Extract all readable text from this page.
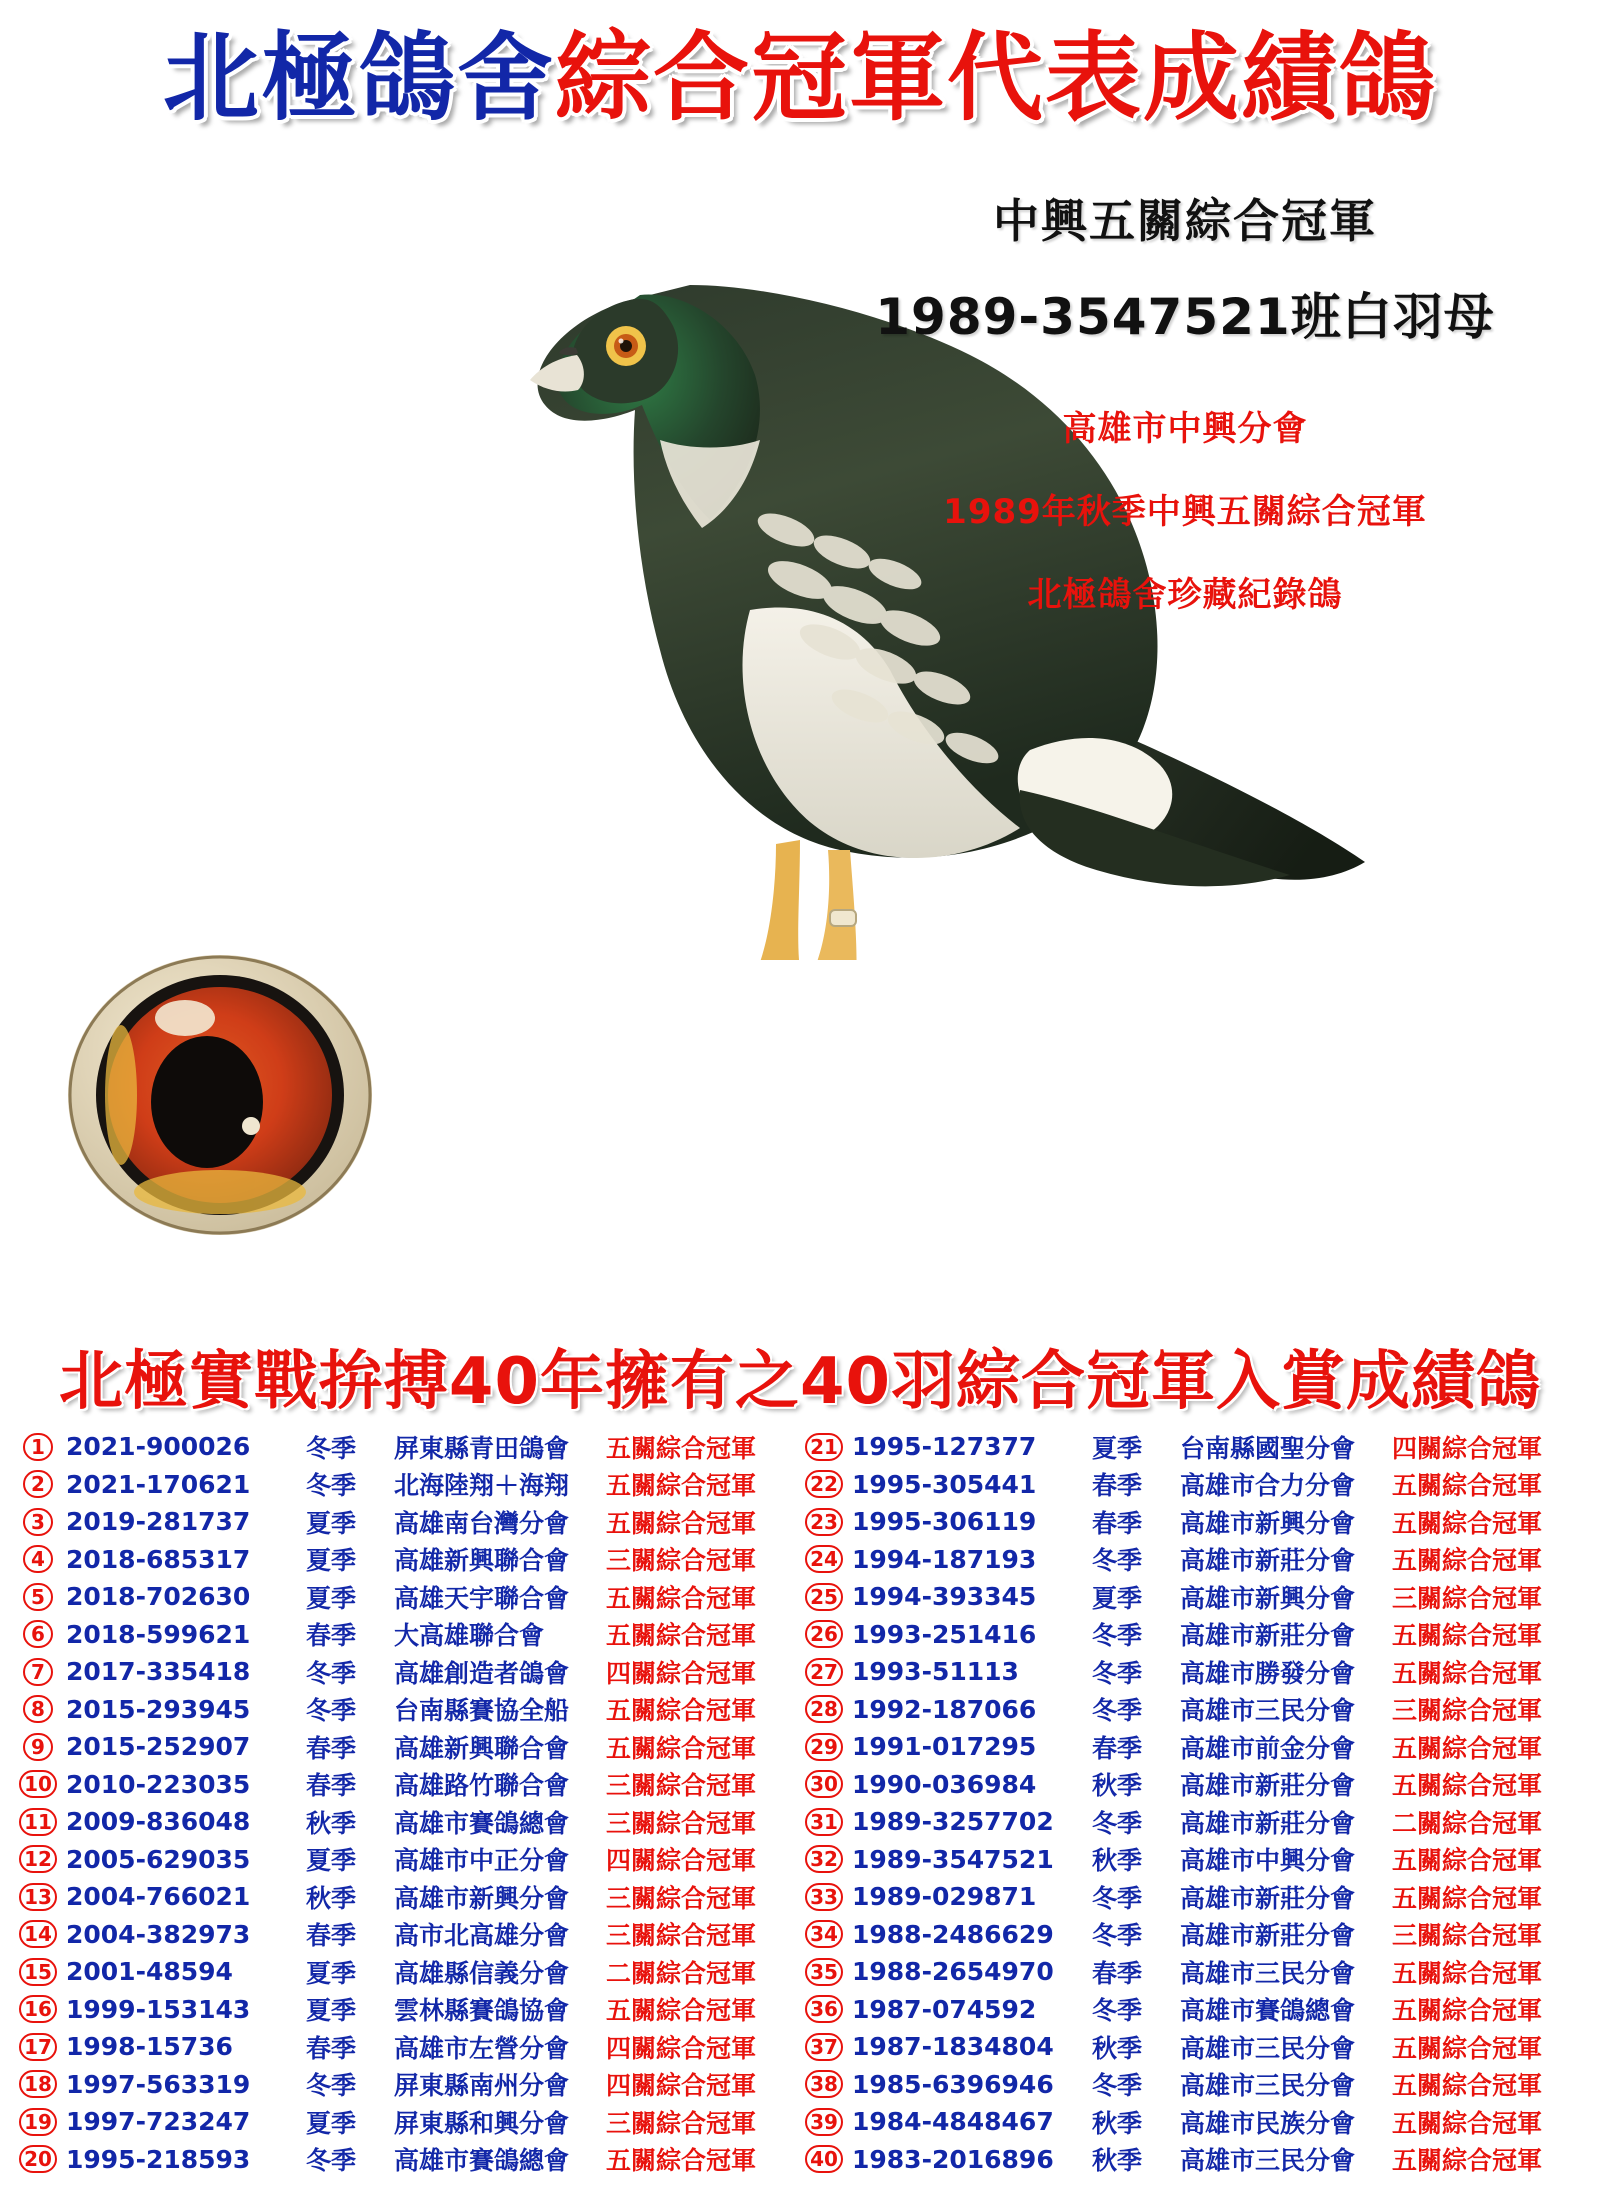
北極鴿舍綜合冠軍代表成績鴿
中興五關綜合冠軍
1989-3547521班白羽母
高雄市中興分會
1989年秋季中興五關綜合冠軍
北極鴿舍珍藏紀錄鴿
北極實戰拚搏40年擁有之40羽綜合冠軍入賞成績鴿
1 2021-900026	冬季	屏東縣青田鴿會	五關綜合冠軍
2 2021-170621	冬季	北海陸翔＋海翔	五關綜合冠軍
3 2019-281737	夏季	高雄南台灣分會	五關綜合冠軍
4 2018-685317	夏季	高雄新興聯合會	三關綜合冠軍
5 2018-702630	夏季	高雄天宇聯合會	五關綜合冠軍
6 2018-599621	春季	大高雄聯合會	五關綜合冠軍
7 2017-335418	冬季	高雄創造者鴿會	四關綜合冠軍
8 2015-293945	冬季	台南縣賽協全船	五關綜合冠軍
9 2015-252907	春季	高雄新興聯合會	五關綜合冠軍
10 2010-223035	春季	高雄路竹聯合會	三關綜合冠軍
11 2009-836048	秋季	高雄市賽鴿總會	三關綜合冠軍
12 2005-629035	夏季	高雄市中正分會	四關綜合冠軍
13 2004-766021	秋季	高雄市新興分會	三關綜合冠軍
14 2004-382973	春季	高市北高雄分會	三關綜合冠軍
15 2001-48594	夏季	高雄縣信義分會	二關綜合冠軍
16 1999-153143	夏季	雲林縣賽鴿協會	五關綜合冠軍
17 1998-15736	春季	高雄市左營分會	四關綜合冠軍
18 1997-563319	冬季	屏東縣南州分會	四關綜合冠軍
19 1997-723247	夏季	屏東縣和興分會	三關綜合冠軍
20 1995-218593	冬季	高雄市賽鴿總會	五關綜合冠軍
21 1995-127377	夏季	台南縣國聖分會	四關綜合冠軍
22 1995-305441	春季	高雄市合力分會	五關綜合冠軍
23 1995-306119	春季	高雄市新興分會	五關綜合冠軍
24 1994-187193	冬季	高雄市新莊分會	五關綜合冠軍
25 1994-393345	夏季	高雄市新興分會	三關綜合冠軍
26 1993-251416	冬季	高雄市新莊分會	五關綜合冠軍
27 1993-51113	冬季	高雄市勝發分會	五關綜合冠軍
28 1992-187066	冬季	高雄市三民分會	三關綜合冠軍
29 1991-017295	春季	高雄市前金分會	五關綜合冠軍
30 1990-036984	秋季	高雄市新莊分會	五關綜合冠軍
31 1989-3257702	冬季	高雄市新莊分會	二關綜合冠軍
32 1989-3547521	秋季	高雄市中興分會	五關綜合冠軍
33 1989-029871	冬季	高雄市新莊分會	五關綜合冠軍
34 1988-2486629	冬季	高雄市新莊分會	三關綜合冠軍
35 1988-2654970	春季	高雄市三民分會	五關綜合冠軍
36 1987-074592	冬季	高雄市賽鴿總會	五關綜合冠軍
37 1987-1834804	秋季	高雄市三民分會	五關綜合冠軍
38 1985-6396946	冬季	高雄市三民分會	五關綜合冠軍
39 1984-4848467	秋季	高雄市民族分會	五關綜合冠軍
40 1983-2016896	秋季	高雄市三民分會	五關綜合冠軍
